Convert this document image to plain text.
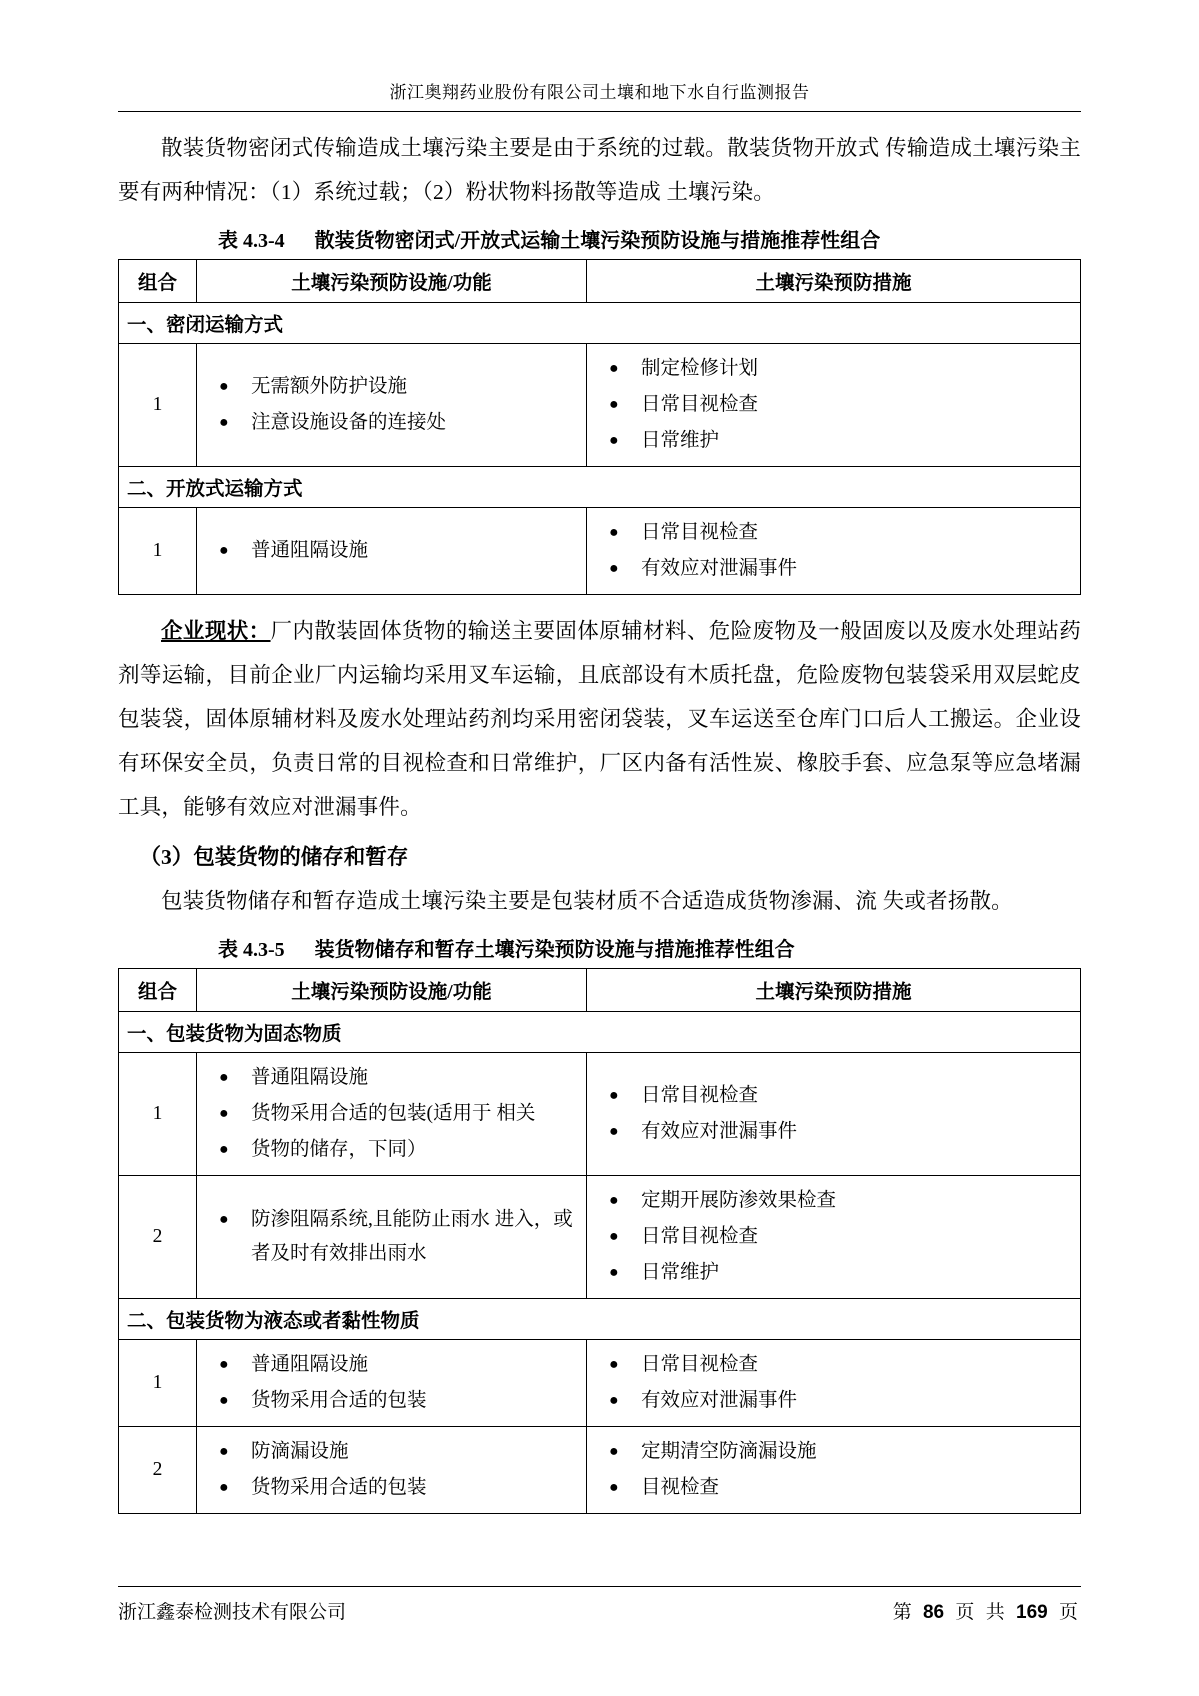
浙江奥翔药业股份有限公司土壤和地下水自行监测报告

散装货物密闭式传输造成土壤污染主要是由于系统的过载。散装货物开放式 传输造成土壤污染主要有两种情况：（1）系统过载；（2）粉状物料扬散等造成 土壤污染。

表 4.3-4 散装货物密闭式/开放式运输土壤污染预防设施与措施推荐性组合
组合	土壤污染预防设施/功能	土壤污染预防措施
一、密闭运输方式		
1	
● 无需额外防护设施
● 注意设施设备的连接处

● 制定检修计划
● 日常目视检查
● 日常维护

二、开放式运输方式		
1	● 普通阻隔设施

● 日常目视检查
● 有效应对泄漏事件

企业现状：厂内散装固体货物的输送主要固体原辅材料、危险废物及一般固废以及废水处理站药剂等运输，目前企业厂内运输均采用叉车运输，且底部设有木质托盘，危险废物包装袋采用双层蛇皮包装袋，固体原辅材料及废水处理站药剂均采用密闭袋装，叉车运送至仓库门口后人工搬运。企业设有环保安全员，负责日常的目视检查和日常维护，厂区内备有活性炭、橡胶手套、应急泵等应急堵漏工具，能够有效应对泄漏事件。

（3）包装货物的储存和暂存

包装货物储存和暂存造成土壤污染主要是包装材质不合适造成货物渗漏、流 失或者扬散。

表 4.3-5 装货物储存和暂存土壤污染预防设施与措施推荐性组合
组合	土壤污染预防设施/功能	土壤污染预防措施
一、包装货物为固态物质		
1	
● 普通阻隔设施
● 货物采用合适的包装(适用于 相关
● 货物的储存，下同）

● 日常目视检查
● 有效应对泄漏事件

2	
● 防渗阻隔系统,且能防止雨水 进入，或者及时有效排出雨水

● 定期开展防渗效果检查
● 日常目视检查
● 日常维护

二、包装货物为液态或者黏性物质		
1	
● 普通阻隔设施
● 货物采用合适的包装

● 日常目视检查
● 有效应对泄漏事件

2	
● 防滴漏设施
● 货物采用合适的包装

● 定期清空防滴漏设施
● 目视检查
浙江鑫泰检测技术有限公司	第 86 页 共 169 页
